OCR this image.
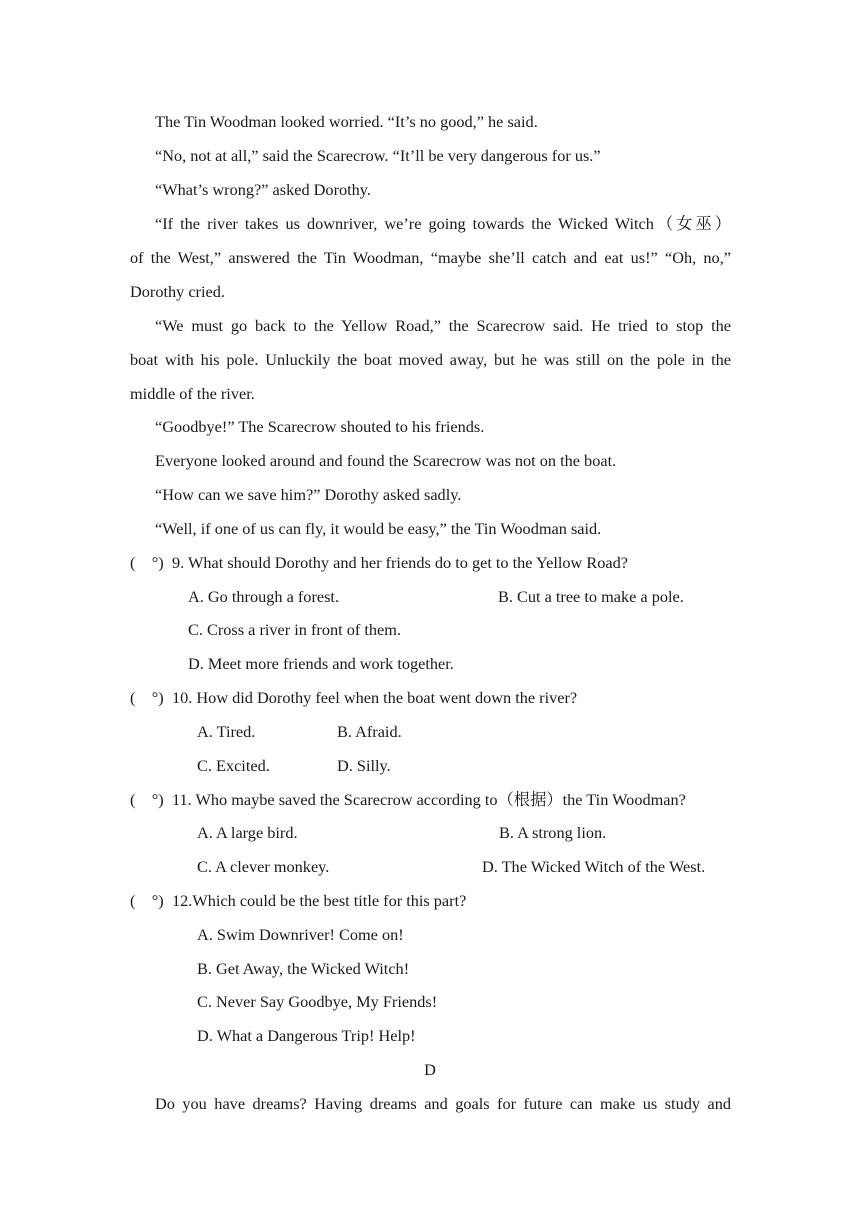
The Tin Woodman looked worried. “It’s no good,” he said.
“No, not at all,” said the Scarecrow. “It’ll be very dangerous for us.”
“What’s wrong?” asked Dorothy.
“If the river takes us downriver, we’re going towards the Wicked Witch（女巫）
of the West,” answered the Tin Woodman, “maybe she’ll catch and eat us!” “Oh, no,”
Dorothy cried.
“We must go back to the Yellow Road,” the Scarecrow said. He tried to stop the
boat with his pole. Unluckily the boat moved away, but he was still on the pole in the
middle of the river.
“Goodbye!” The Scarecrow shouted to his friends.
Everyone looked around and found the Scarecrow was not on the boat.
“How can we save him?” Dorothy asked sadly.
“Well, if one of us can fly, it would be easy,” the Tin Woodman said.
(　°) 9. What should Dorothy and her friends do to get to the Yellow Road?
A. Go through a forest.	B. Cut a tree to make a pole.
C. Cross a river in front of them.
D. Meet more friends and work together.
(　°) 10. How did Dorothy feel when the boat went down the river?
A. Tired.	B. Afraid.
C. Excited.	D. Silly.
(　°) 11. Who maybe saved the Scarecrow according to（根据）the Tin Woodman?
A. A large bird.	B. A strong lion.
C. A clever monkey.	D. The Wicked Witch of the West.
(　°) 12.Which could be the best title for this part?
A. Swim Downriver! Come on!
B. Get Away, the Wicked Witch!
C. Never Say Goodbye, My Friends!
D. What a Dangerous Trip! Help!
D
Do you have dreams? Having dreams and goals for future can make us study and
